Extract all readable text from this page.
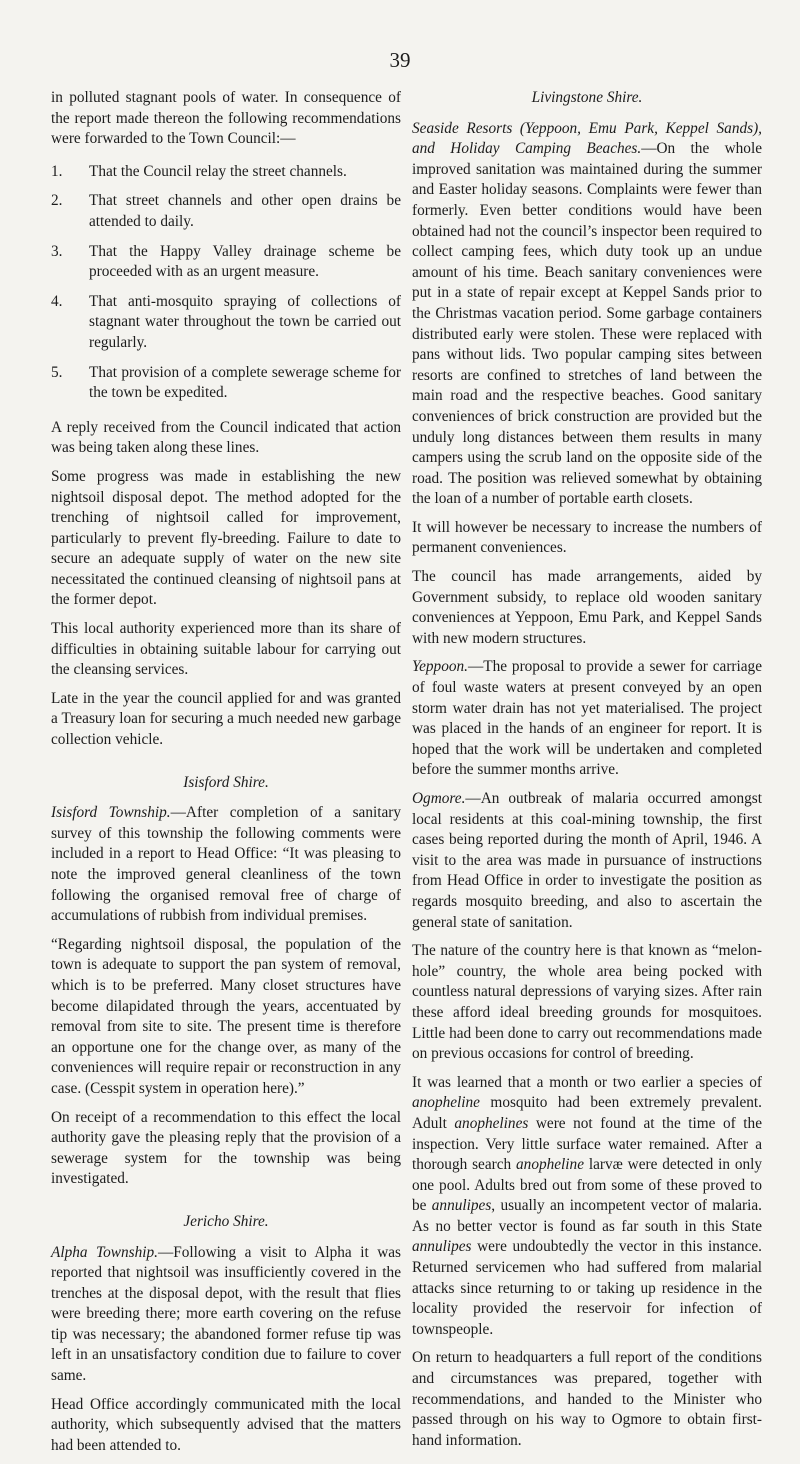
39

in polluted stagnant pools of water. In consequence of the report made thereon the following recommendations were forwarded to the Town Council:—

1.	That the Council relay the street channels.
2.	That street channels and other open drains be attended to daily.
3.	That the Happy Valley drainage scheme be proceeded with as an urgent measure.
4.	That anti-mosquito spraying of collections of stagnant water throughout the town be carried out regularly.
5.	That provision of a complete sewerage scheme for the town be expedited.

A reply received from the Council indicated that action was being taken along these lines.

Some progress was made in establishing the new nightsoil disposal depot. The method adopted for the trenching of nightsoil called for improvement, particularly to prevent fly-breeding. Failure to date to secure an adequate supply of water on the new site necessitated the continued cleansing of nightsoil pans at the former depot.

This local authority experienced more than its share of difficulties in obtaining suitable labour for carrying out the cleansing services.

Late in the year the council applied for and was granted a Treasury loan for securing a much needed new garbage collection vehicle.

Isisford Shire.

Isisford Township.—After completion of a sanitary survey of this township the following comments were included in a report to Head Office: “It was pleasing to note the improved general cleanliness of the town following the organised removal free of charge of accumulations of rubbish from individual premises.

“Regarding nightsoil disposal, the population of the town is adequate to support the pan system of removal, which is to be preferred. Many closet structures have become dilapidated through the years, accentuated by removal from site to site. The present time is therefore an opportune one for the change over, as many of the conveniences will require repair or reconstruction in any case. (Cesspit system in operation here).”

On receipt of a recommendation to this effect the local authority gave the pleasing reply that the provision of a sewerage system for the township was being investigated.

Jericho Shire.

Alpha Township.—Following a visit to Alpha it was reported that nightsoil was insufficiently covered in the trenches at the disposal depot, with the result that flies were breeding there; more earth covering on the refuse tip was necessary; the abandoned former refuse tip was left in an unsatisfactory condition due to failure to cover same.

Head Office accordingly communicated mith the local authority, which subsequently advised that the matters had been attended to.

Livingstone Shire.

Seaside Resorts (Yeppoon, Emu Park, Keppel Sands), and Holiday Camping Beaches.—On the whole improved sanitation was maintained during the summer and Easter holiday seasons. Complaints were fewer than formerly. Even better conditions would have been obtained had not the council’s inspector been required to collect camping fees, which duty took up an undue amount of his time. Beach sanitary conveniences were put in a state of repair except at Keppel Sands prior to the Christmas vacation period. Some garbage containers distributed early were stolen. These were replaced with pans without lids. Two popular camping sites between resorts are confined to stretches of land between the main road and the respective beaches. Good sanitary conveniences of brick construction are provided but the unduly long distances between them results in many campers using the scrub land on the opposite side of the road. The position was relieved somewhat by obtaining the loan of a number of portable earth closets.

It will however be necessary to increase the numbers of permanent conveniences.

The council has made arrangements, aided by Government subsidy, to replace old wooden sanitary conveniences at Yeppoon, Emu Park, and Keppel Sands with new modern structures.

Yeppoon.—The proposal to provide a sewer for carriage of foul waste waters at present conveyed by an open storm water drain has not yet materialised. The project was placed in the hands of an engineer for report. It is hoped that the work will be undertaken and completed before the summer months arrive.

Ogmore.—An outbreak of malaria occurred amongst local residents at this coal-mining township, the first cases being reported during the month of April, 1946. A visit to the area was made in pursuance of instructions from Head Office in order to investigate the position as regards mosquito breeding, and also to ascertain the general state of sanitation.

The nature of the country here is that known as “melon-hole” country, the whole area being pocked with countless natural depressions of varying sizes. After rain these afford ideal breeding grounds for mosquitoes. Little had been done to carry out recommendations made on previous occasions for control of breeding.

It was learned that a month or two earlier a species of anopheline mosquito had been extremely prevalent. Adult anophelines were not found at the time of the inspection. Very little surface water remained. After a thorough search anopheline larvæ were detected in only one pool. Adults bred out from some of these proved to be annulipes, usually an incompetent vector of malaria. As no better vector is found as far south in this State annulipes were undoubtedly the vector in this instance. Returned servicemen who had suffered from malarial attacks since returning to or taking up residence in the locality provided the reservoir for infection of townspeople.

On return to headquarters a full report of the conditions and circumstances was prepared, together with recommendations, and handed to the Minister who passed through on his way to Ogmore to obtain first-hand information.
